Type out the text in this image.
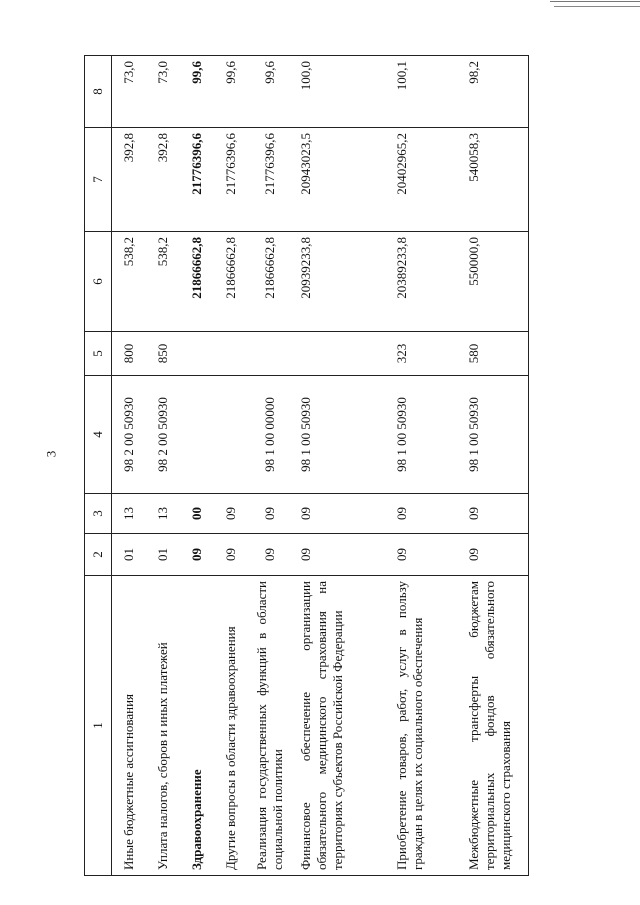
3
1	2	3	4	5	6	7	8
Иные бюджетные ассигнования	01	13	98 2 00 50930	800	538,2	392,8	73,0
Уплата налогов, сборов и иных платежей	01	13	98 2 00 50930	850	538,2	392,8	73,0
Здравоохранение	09	00			21866662,8	21776396,6	99,6
Другие вопросы в области здравоохранения	09	09			21866662,8	21776396,6	99,6
Реализация государственных функций в области социальной политики	09	09	98 1 00 00000		21866662,8	21776396,6	99,6
Финансовое обеспечение организации обязательного медицинского страхования на территориях субъектов Российской Федерации	09	09	98 1 00 50930		20939233,8	20943023,5	100,0
Приобретение товаров, работ, услуг в пользу граждан в целях их социального обеспечения	09	09	98 1 00 50930	323	20389233,8	20402965,2	100,1
Межбюджетные трансферты бюджетам территориальных фондов обязательного медицинского страхования	09	09	98 1 00 50930	580	550000,0	540058,3	98,2
